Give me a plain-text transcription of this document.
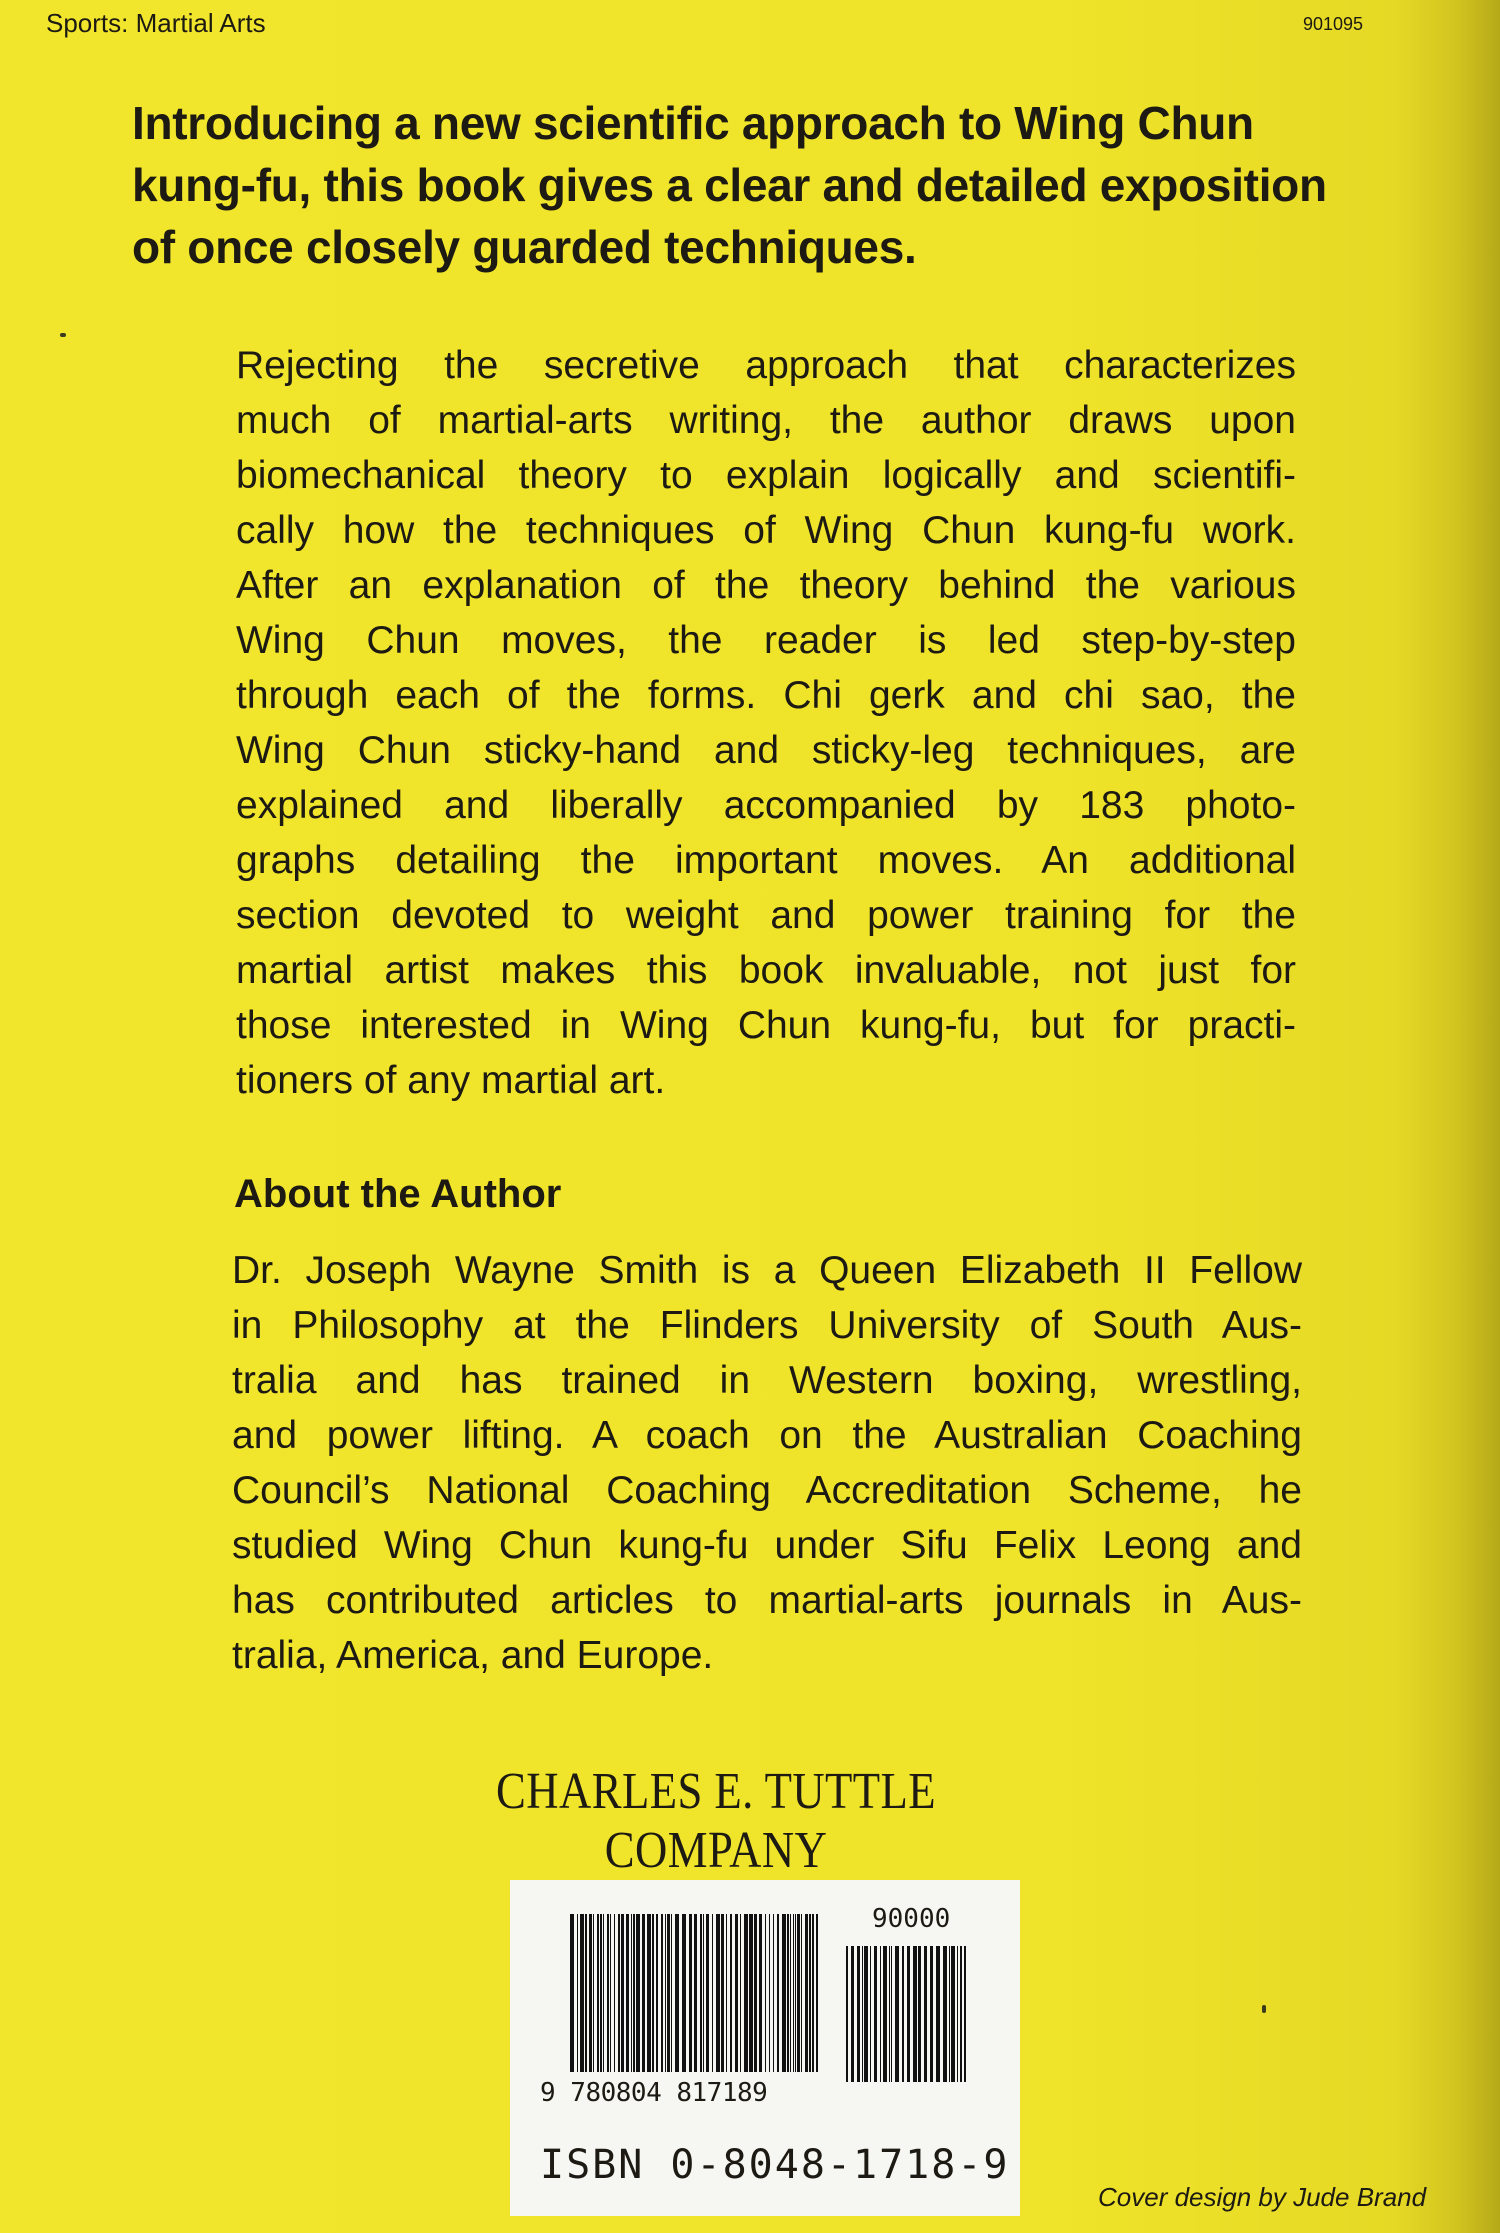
Sports: Martial Arts	901095
Introducing a new scientific approach to Wing Chun
kung-fu, this book gives a clear and detailed exposition
of once closely guarded techniques.
Rejecting the secretive approach that characterizes
much of martial-arts writing, the author draws upon
biomechanical theory to explain logically and scientifi-
cally how the techniques of Wing Chun kung-fu work.
After an explanation of the theory behind the various
Wing Chun moves, the reader is led step-by-step
through each of the forms. Chi gerk and chi sao, the
Wing Chun sticky-hand and sticky-leg techniques, are
explained and liberally accompanied by 183 photo-
graphs detailing the important moves. An additional
section devoted to weight and power training for the
martial artist makes this book invaluable, not just for
those interested in Wing Chun kung-fu, but for practi-
tioners of any martial art.
About the Author
Dr. Joseph Wayne Smith is a Queen Elizabeth II Fellow
in Philosophy at the Flinders University of South Aus-
tralia and has trained in Western boxing, wrestling,
and power lifting. A coach on the Australian Coaching
Council’s National Coaching Accreditation Scheme, he
studied Wing Chun kung-fu under Sifu Felix Leong and
has contributed articles to martial-arts journals in Aus-
tralia, America, and Europe.
CHARLES E. TUTTLE COMPANY
90000
9 780804 817189
ISBN 0-8048-1718-9
Cover design by Jude Brand
